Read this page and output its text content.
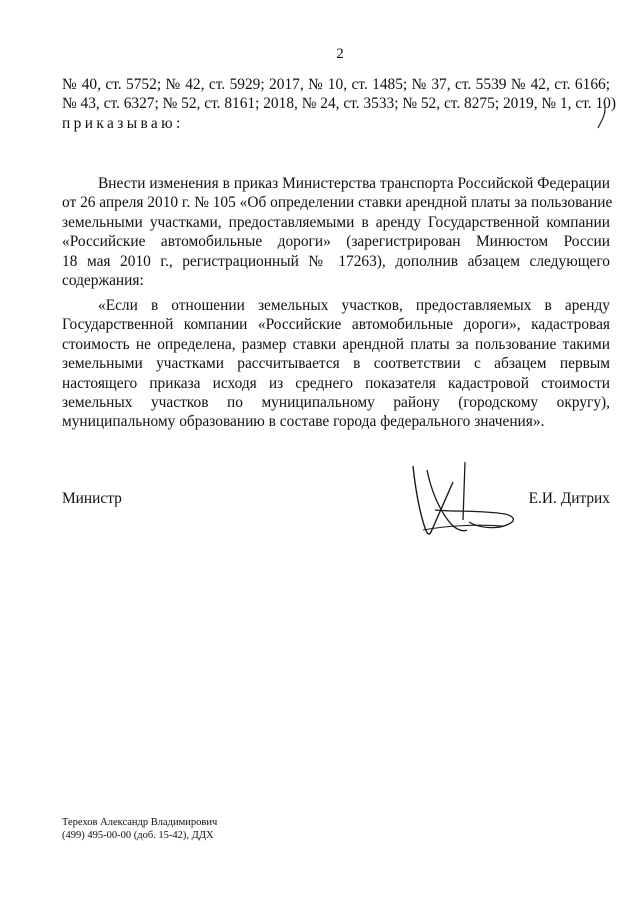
2
№ 40, ст. 5752; № 42, ст. 5929; 2017, № 10, ст. 1485; № 37, ст. 5539 № 42, ст. 6166;
№ 43, ст. 6327; № 52, ст. 8161; 2018, № 24, ст. 3533; № 52, ст. 8275; 2019, № 1, ст. 10)
приказываю:
Внести изменения в приказ Министерства транспорта Российской Федерации
от 26 апреля 2010 г. № 105 «Об определении ставки арендной платы за пользование
земельными участками, предоставляемыми в аренду Государственной компании
«Российские автомобильные дороги» (зарегистрирован Минюстом России
18 мая 2010 г., регистрационный № 17263), дополнив абзацем следующего
содержания:
«Если в отношении земельных участков, предоставляемых в аренду
Государственной компании «Российские автомобильные дороги», кадастровая
стоимость не определена, размер ставки арендной платы за пользование такими
земельными участками рассчитывается в соответствии с абзацем первым
настоящего приказа исходя из среднего показателя кадастровой стоимости
земельных участков по муниципальному району (городскому округу),
муниципальному образованию в составе города федерального значения».
Министр	Е.И. Дитрих
Терехов Александр Владимирович
(499) 495-00-00 (доб. 15-42), ДДХ
